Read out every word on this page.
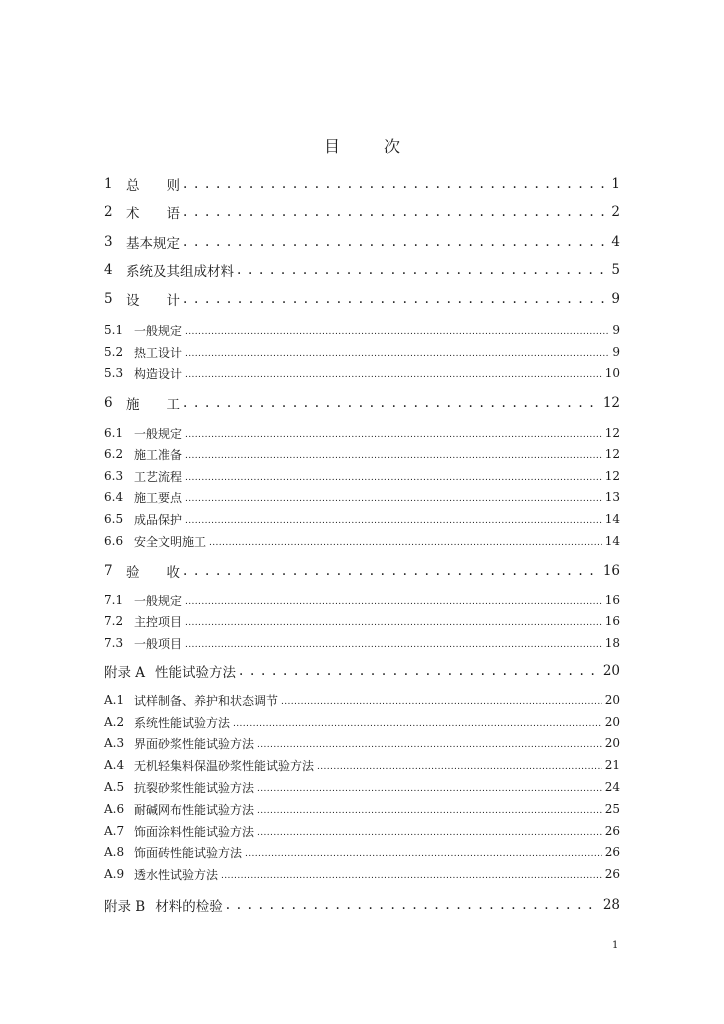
目　次
1 总　　则 . . .	1
2 术　　语 . . .	2
3 基本规定 . . .	4
4 系统及其组成材料 . . .	5
5 设　　计 . . .	9
5.1 一般规定 .....	9
5.2 热工设计 .....	9
5.3 构造设计 .....	10
6 施　　工 . . .	12
6.1 一般规定 .....	12
6.2 施工准备 .....	12
6.3 工艺流程 .....	12
6.4 施工要点 .....	13
6.5 成品保护 .....	14
6.6 安全文明施工 .....	14
7 验　　收 . . .	16
7.1 一般规定 .....	16
7.2 主控项目 .....	16
7.3 一般项目 .....	18
附录 A 性能试验方法 . . .	20
A.1 试样制备、养护和状态调节 .....	20
A.2 系统性能试验方法 .....	20
A.3 界面砂浆性能试验方法 .....	20
A.4 无机轻集料保温砂浆性能试验方法 .....	21
A.5 抗裂砂浆性能试验方法 .....	24
A.6 耐碱网布性能试验方法 .....	25
A.7 饰面涂料性能试验方法 .....	26
A.8 饰面砖性能试验方法 .....	26
A.9 透水性试验方法 .....	26
附录 B 材料的检验 . . .	28
1
